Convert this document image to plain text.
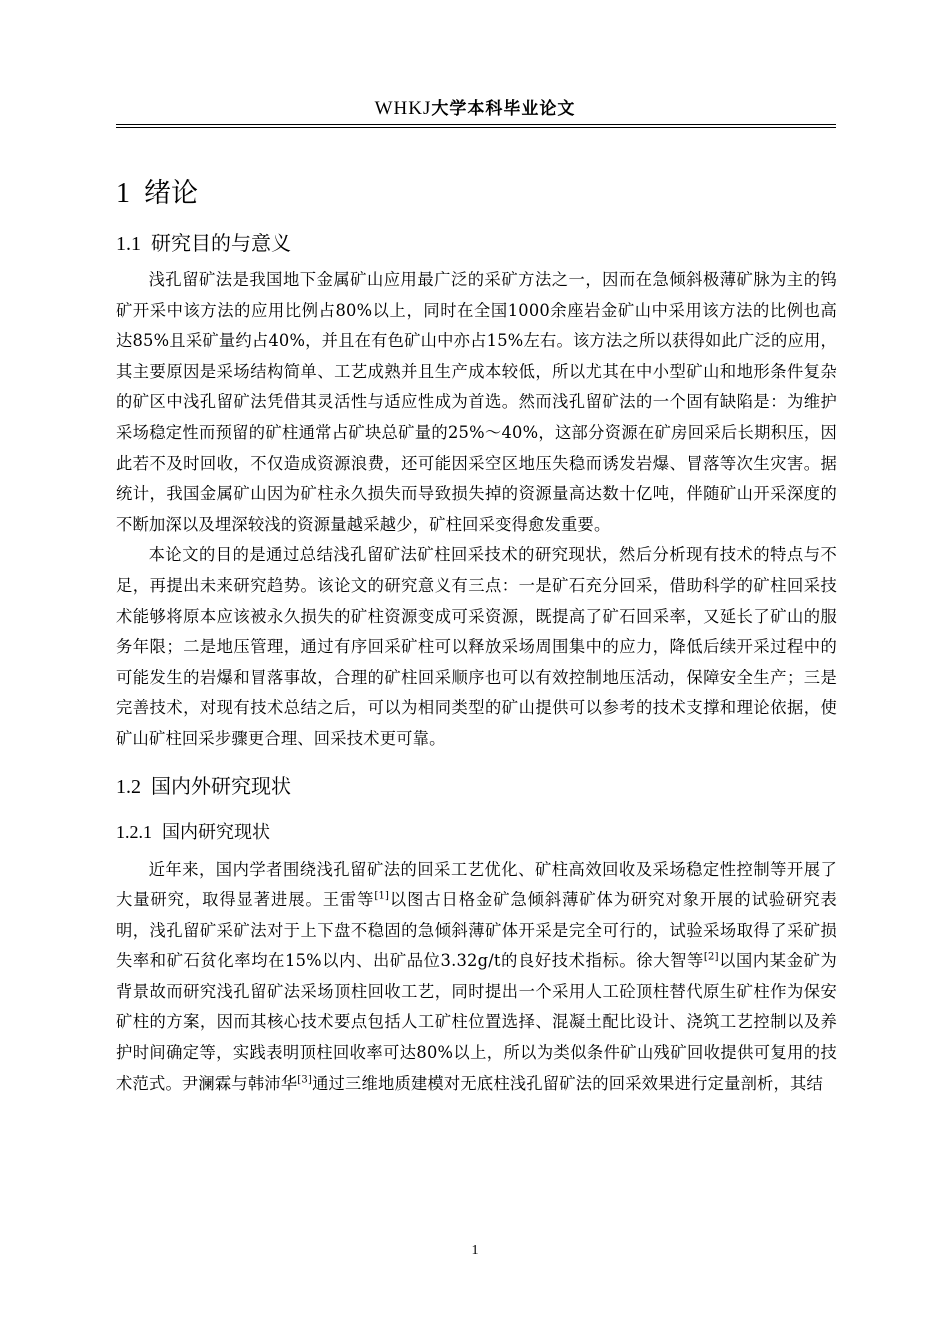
WHKJ大学本科毕业论文
1 绪论
1.1 研究目的与意义

浅孔留矿法是我国地下金属矿山应用最广泛的采矿方法之一，因而在急倾斜极薄矿脉为主的钨矿开采中该方法的应用比例占80%以上，同时在全国1000余座岩金矿山中采用该方法的比例也高达85%且采矿量约占40%，并且在有色矿山中亦占15%左右。该方法之所以获得如此广泛的应用，其主要原因是采场结构简单、工艺成熟并且生产成本较低，所以尤其在中小型矿山和地形条件复杂的矿区中浅孔留矿法凭借其灵活性与适应性成为首选。然而浅孔留矿法的一个固有缺陷是：为维护采场稳定性而预留的矿柱通常占矿块总矿量的25%～40%，这部分资源在矿房回采后长期积压，因此若不及时回收，不仅造成资源浪费，还可能因采空区地压失稳而诱发岩爆、冒落等次生灾害。据统计，我国金属矿山因为矿柱永久损失而导致损失掉的资源量高达数十亿吨，伴随矿山开采深度的不断加深以及埋深较浅的资源量越采越少，矿柱回采变得愈发重要。

本论文的目的是通过总结浅孔留矿法矿柱回采技术的研究现状，然后分析现有技术的特点与不足，再提出未来研究趋势。该论文的研究意义有三点：一是矿石充分回采，借助科学的矿柱回采技术能够将原本应该被永久损失的矿柱资源变成可采资源，既提高了矿石回采率，又延长了矿山的服务年限；二是地压管理，通过有序回采矿柱可以释放采场周围集中的应力，降低后续开采过程中的可能发生的岩爆和冒落事故，合理的矿柱回采顺序也可以有效控制地压活动，保障安全生产；三是完善技术，对现有技术总结之后，可以为相同类型的矿山提供可以参考的技术支撑和理论依据，使矿山矿柱回采步骤更合理、回采技术更可靠。

1.2 国内外研究现状
1.2.1 国内研究现状

近年来，国内学者围绕浅孔留矿法的回采工艺优化、矿柱高效回收及采场稳定性控制等开展了大量研究，取得显著进展。王雷等[1]以图古日格金矿急倾斜薄矿体为研究对象开展的试验研究表明，浅孔留矿采矿法对于上下盘不稳固的急倾斜薄矿体开采是完全可行的，试验采场取得了采矿损失率和矿石贫化率均在15%以内、出矿品位3.32g/t的良好技术指标。徐大智等[2]以国内某金矿为背景故而研究浅孔留矿法采场顶柱回收工艺，同时提出一个采用人工砼顶柱替代原生矿柱作为保安矿柱的方案，因而其核心技术要点包括人工矿柱位置选择、混凝土配比设计、浇筑工艺控制以及养护时间确定等，实践表明顶柱回收率可达80%以上，所以为类似条件矿山残矿回收提供可复用的技术范式。尹澜霖与韩沛华[3]通过三维地质建模对无底柱浅孔留矿法的回采效果进行定量剖析，其结

1
